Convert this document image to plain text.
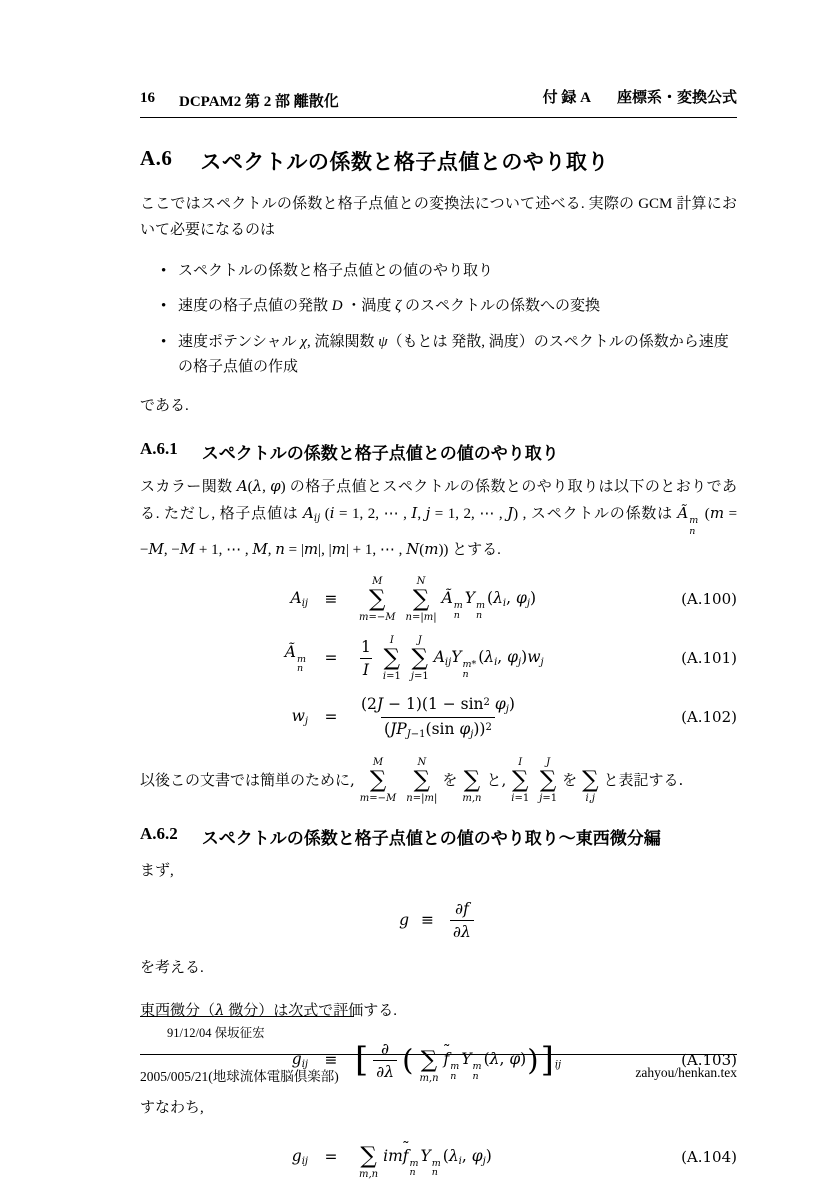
16 DCPAM2 第 2 部 離散化	付 録 A 座標系・変換公式
A.6 スペクトルの係数と格子点値とのやり取り

ここではスペクトルの係数と格子点値との変換法について述べる. 実際の GCM 計算において必要になるのは

•
スペクトルの係数と格子点値との値のやり取り
•
速度の格子点値の発散 D ・渦度 ζ のスペクトルの係数への変換
•
速度ポテンシャル χ, 流線関数 ψ（もとは 発散, 渦度）のスペクトルの係数から速度の格子点値の作成

である.

A.6.1 スペクトルの係数と格子点値との値のやり取り

スカラー関数 A(λ, φ) の格子点値とスペクトルの係数とのやり取りは以下のとおりである. ただし, 格子点値は $A_{ij}$ (i = 1, 2, ⋯ , I, j = 1, 2, ⋯ , J) , スペクトルの係数は Ã m
n
(m = −M, −M + 1, ⋯ , M, n = |m|, |m| + 1, ⋯ , N(m)) とする.

$A_{ij}$	≡
M
∑
m=−M
N
∑
n=|m|
Ã m
n
Y m
n
($\lambda_i$, $\varphi_j$)	(A.100)
Ã m
n
=	$\frac{1}{I}$ I
∑
i=1
J
∑
j=1
$A_{ij}Y$ m*
n
($\lambda_i$, $\varphi_j)w_j$	(A.101)
$w_j$	=	$\frac{(2J - 1)(1 - \sin^2 \varphi_j)}{(JP_{J-1}(\sin \varphi_j))^2}$	(A.102)
以後この文書では簡単のために,
M
∑
m=−M
N
∑
n=|m|
を ∑
m,n
と,
I
∑
i=1
J
∑
j=1
を ∑
i,j
と表記する.
A.6.2 スペクトルの係数と格子点値との値のやり取り～東西微分編

まず,

g ≡	$\frac{\partial f}{\partial\lambda}$

を考える.

東西微分（λ 微分）は次式で評価する.

$g_{ij}$	≡ [ $\frac{\partial}{\partial\lambda}$ ( ∑
m,n
f ˜ m
n
Y m
n
(λ, $\varphi))]_{ij}$	(A.103)

すなわち,

$g_{ij}$	= ∑
m,n
imf ˜ m
n
Y m
n
($\lambda_i$, $\varphi_j$)	(A.104)
91/12/04 保坂征宏
2005/005/21(地球流体電脳倶楽部)	zahyou/henkan.tex
